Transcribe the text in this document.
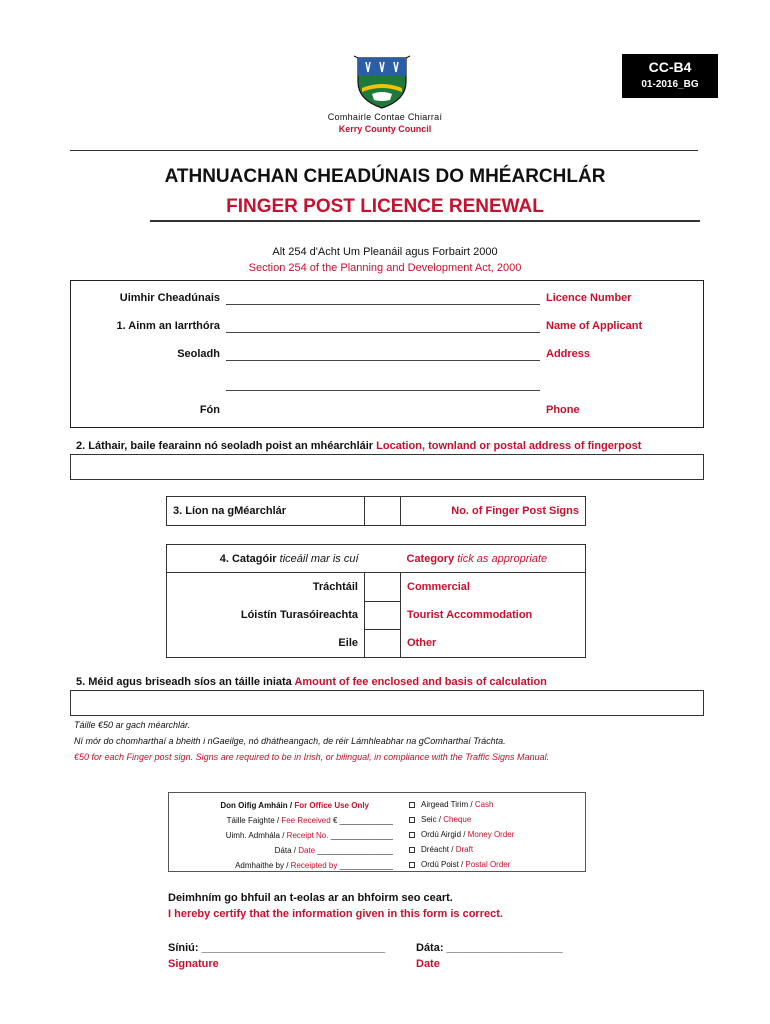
Comhairle Contae Chiarraí
Kerry County Council
CC-B4
01-2016_BG
ATHNUACHAN CHEADÚNAIS DO MHÉARCHLÁR
FINGER POST LICENCE RENEWAL
Alt 254 d'Acht Um Pleanáil agus Forbairt 2000
Section 254 of the Planning and Development Act, 2000
Uimhir Cheadúnais	Licence Number
1. Ainm an Iarrthóra	Name of Applicant
Seoladh	Address
Fón	Phone
2. Láthair, baile fearainn nó seoladh poist an mhéarchláir Location, townland or postal address of fingerpost
3. Líon na gMéarchlár		No. of Finger Post Signs
4. Catagóir ticeáil mar is cuí		Category tick as appropriate
Tráchtáil		Commercial
Lóistín Turasóireachta		Tourist Accommodation
Eile		Other
5. Méid agus briseadh síos an táille iniata Amount of fee enclosed and basis of calculation
Táille €50 ar gach méarchlár.
Ní mór do chomharthaí a bheith i nGaeilge, nó dhátheangach, de réir Lámhleabhar na gComharthaí Tráchta.
€50 for each Finger post sign. Signs are required to be in Irish, or bilingual, in compliance with the Traffic Signs Manual.
Don Oifig Amháin / For Office Use Only
Táille Faighte / Fee Received € ____________
Uimh. Admhála / Receipt No. ______________
Dáta / Date _________________
Admhaithe by / Receipted by ____________
Airgead Tirim / Cash
Seic / Cheque
Ordú Airgid / Money Order
Dréacht / Draft
Ordú Poist / Postal Order
Deimhním go bhfuil an t-eolas ar an bhfoirm seo ceart.
I hereby certify that the information given in this form is correct.
Síniú: ______________________________
Signature
Dáta: ___________________
Date
